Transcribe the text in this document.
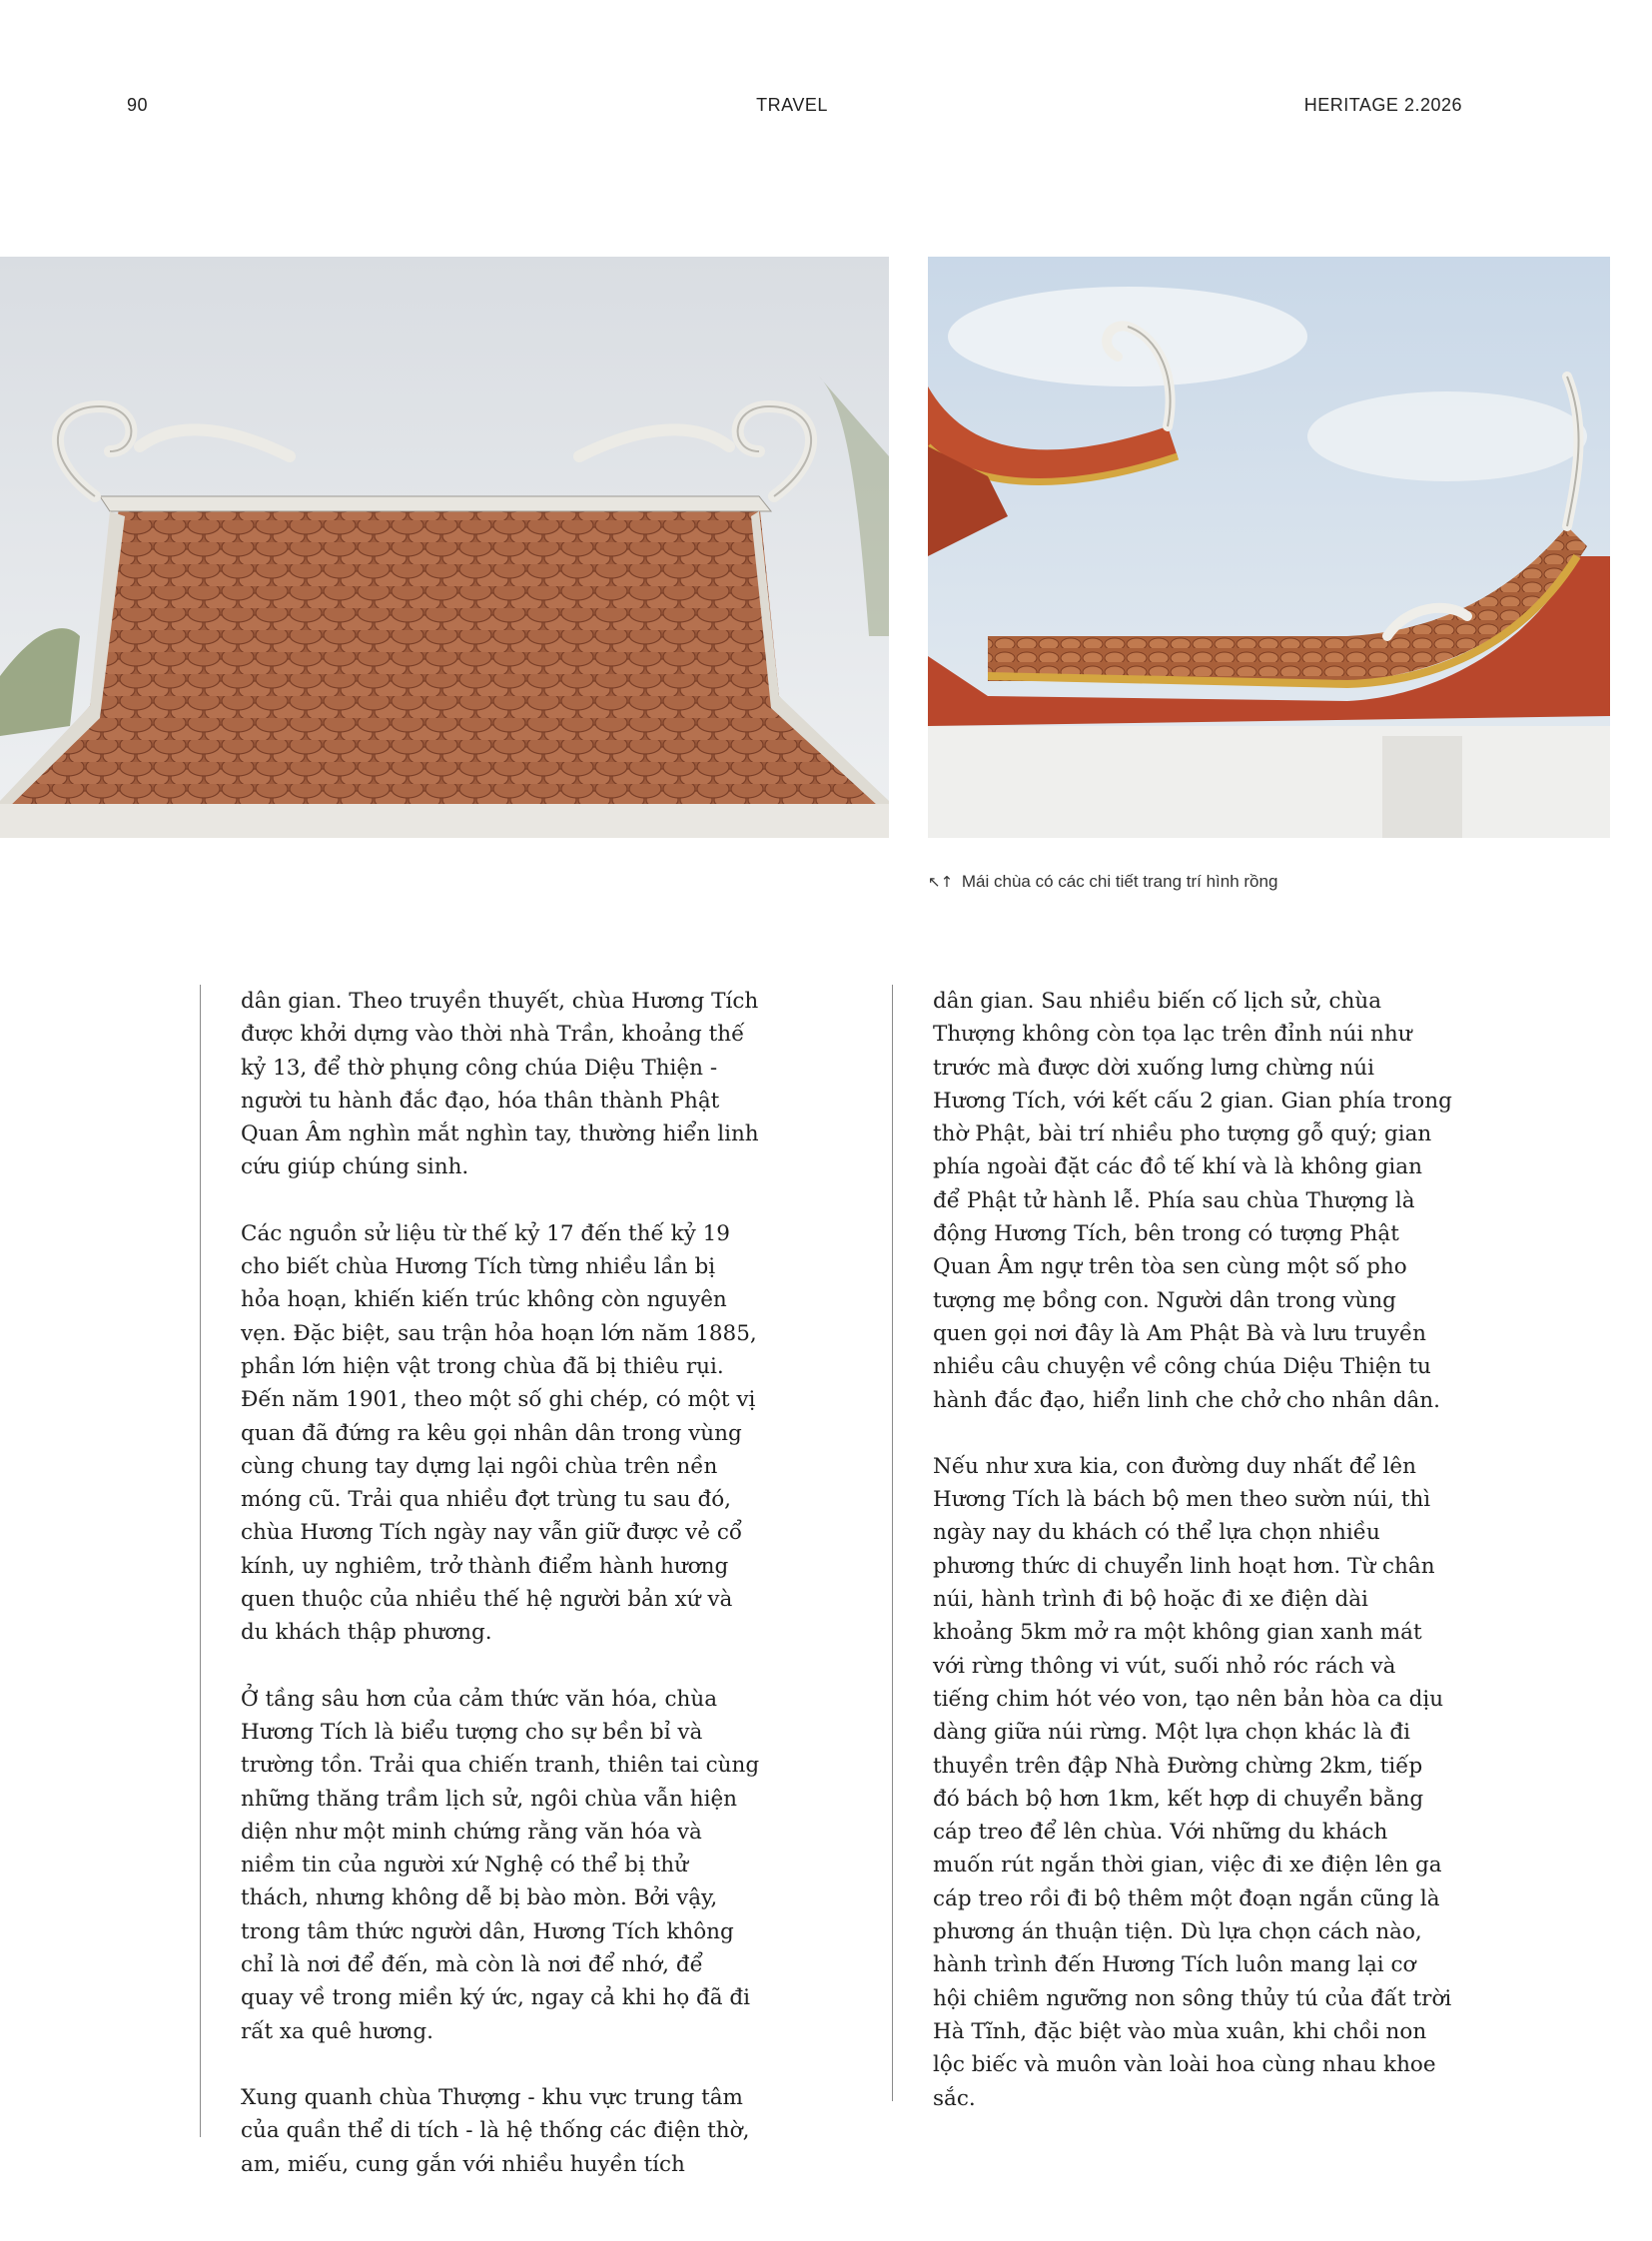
90	TRAVEL	HERITAGE 2.2026
↖↑ Mái chùa có các chi tiết trang trí hình rồng

dân gian. Theo truyền thuyết, chùa Hương Tích được khởi dựng vào thời nhà Trần, khoảng thế kỷ 13, để thờ phụng công chúa Diệu Thiện - người tu hành đắc đạo, hóa thân thành Phật Quan Âm nghìn mắt nghìn tay, thường hiển linh cứu giúp chúng sinh.

Các nguồn sử liệu từ thế kỷ 17 đến thế kỷ 19 cho biết chùa Hương Tích từng nhiều lần bị hỏa hoạn, khiến kiến trúc không còn nguyên vẹn. Đặc biệt, sau trận hỏa hoạn lớn năm 1885, phần lớn hiện vật trong chùa đã bị thiêu rụi. Đến năm 1901, theo một số ghi chép, có một vị quan đã đứng ra kêu gọi nhân dân trong vùng cùng chung tay dựng lại ngôi chùa trên nền móng cũ. Trải qua nhiều đợt trùng tu sau đó, chùa Hương Tích ngày nay vẫn giữ được vẻ cổ kính, uy nghiêm, trở thành điểm hành hương quen thuộc của nhiều thế hệ người bản xứ và du khách thập phương.

Ở tầng sâu hơn của cảm thức văn hóa, chùa Hương Tích là biểu tượng cho sự bền bỉ và trường tồn. Trải qua chiến tranh, thiên tai cùng những thăng trầm lịch sử, ngôi chùa vẫn hiện diện như một minh chứng rằng văn hóa và niềm tin của người xứ Nghệ có thể bị thử thách, nhưng không dễ bị bào mòn. Bởi vậy, trong tâm thức người dân, Hương Tích không chỉ là nơi để đến, mà còn là nơi để nhớ, để quay về trong miền ký ức, ngay cả khi họ đã đi rất xa quê hương.

Xung quanh chùa Thượng - khu vực trung tâm của quần thể di tích - là hệ thống các điện thờ, am, miếu, cung gắn với nhiều huyền tích

dân gian. Sau nhiều biến cố lịch sử, chùa Thượng không còn tọa lạc trên đỉnh núi như trước mà được dời xuống lưng chừng núi Hương Tích, với kết cấu 2 gian. Gian phía trong thờ Phật, bài trí nhiều pho tượng gỗ quý; gian phía ngoài đặt các đồ tế khí và là không gian để Phật tử hành lễ. Phía sau chùa Thượng là động Hương Tích, bên trong có tượng Phật Quan Âm ngự trên tòa sen cùng một số pho tượng mẹ bồng con. Người dân trong vùng quen gọi nơi đây là Am Phật Bà và lưu truyền nhiều câu chuyện về công chúa Diệu Thiện tu hành đắc đạo, hiển linh che chở cho nhân dân.

Nếu như xưa kia, con đường duy nhất để lên Hương Tích là bách bộ men theo sườn núi, thì ngày nay du khách có thể lựa chọn nhiều phương thức di chuyển linh hoạt hơn. Từ chân núi, hành trình đi bộ hoặc đi xe điện dài khoảng 5km mở ra một không gian xanh mát với rừng thông vi vút, suối nhỏ róc rách và tiếng chim hót véo von, tạo nên bản hòa ca dịu dàng giữa núi rừng. Một lựa chọn khác là đi thuyền trên đập Nhà Đường chừng 2km, tiếp đó bách bộ hơn 1km, kết hợp di chuyển bằng cáp treo để lên chùa. Với những du khách muốn rút ngắn thời gian, việc đi xe điện lên ga cáp treo rồi đi bộ thêm một đoạn ngắn cũng là phương án thuận tiện. Dù lựa chọn cách nào, hành trình đến Hương Tích luôn mang lại cơ hội chiêm ngưỡng non sông thủy tú của đất trời Hà Tĩnh, đặc biệt vào mùa xuân, khi chồi non lộc biếc và muôn vàn loài hoa cùng nhau khoe sắc.
